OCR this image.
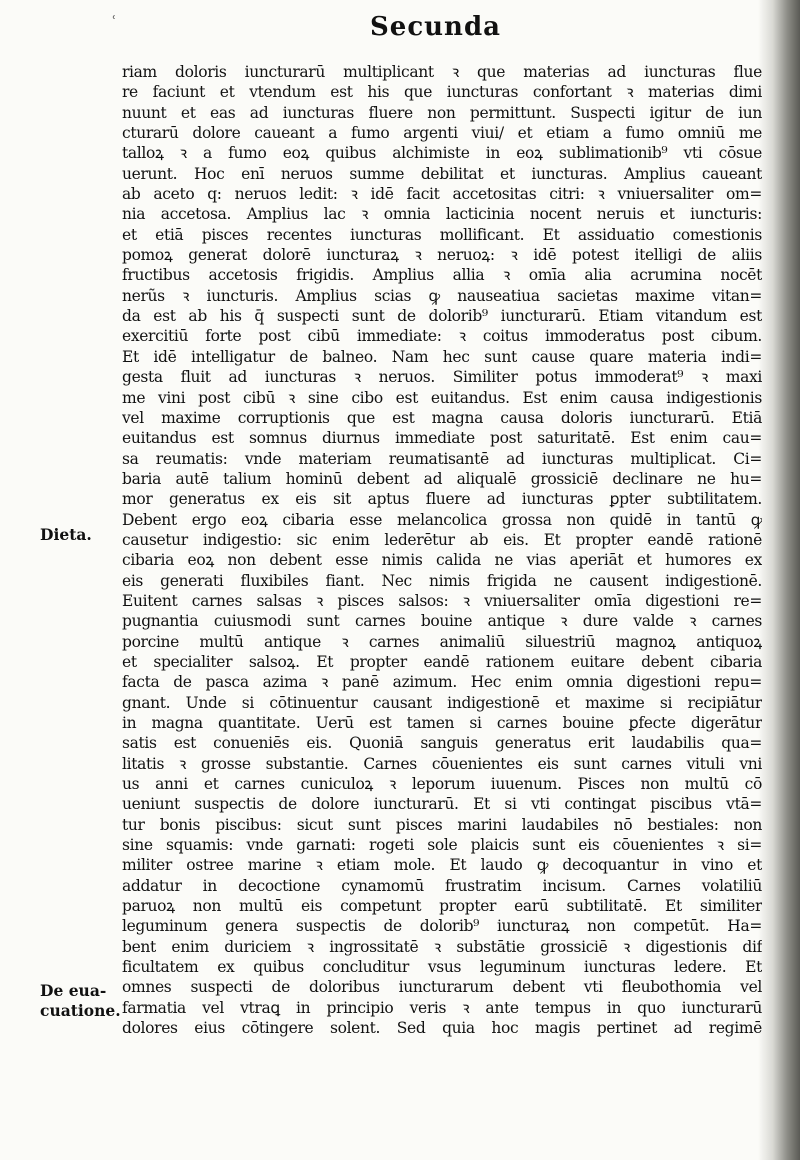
ʿ	Secunda
Dieta.
De eua-
cuatione.
riam doloris iuncturarū multiplicant ꝛ que materias ad iuncturas flue
re faciunt et vtendum est his que iuncturas confortant ꝛ materias dimi
nuunt et eas ad iuncturas fluere non permittunt. Suspecti igitur de iun
cturarū dolore caueant a fumo argenti viui/ et etiam a fumo omniū me
talloꝝ ꝛ a fumo eoꝝ quibus alchimiste in eoꝝ sublimationib⁹ vti cōsue
uerunt. Hoc enī neruos summe debilitat et iuncturas. Amplius caueant
ab aceto q: neruos ledit: ꝛ idē facit accetositas citri: ꝛ vniuersaliter om=
nia accetosa. Amplius lac ꝛ omnia lacticinia nocent neruis et iuncturis:
et etiā pisces recentes iuncturas mollificant. Et assiduatio comestionis
pomoꝝ generat dolorē iuncturaꝝ ꝛ neruoꝝ: ꝛ idē potest itelligi de aliis
fructibus accetosis frigidis. Amplius allia ꝛ omīa alia acrumina nocēt
nerũs ꝛ iuncturis. Amplius scias ꝙ nauseatiua sacietas maxime vitan=
da est ab his q̄ suspecti sunt de dolorib⁹ iuncturarū. Etiam vitandum est
exercitiū forte post cibū immediate: ꝛ coitus immoderatus post cibum.
Et idē intelligatur de balneo. Nam hec sunt cause quare materia indi=
gesta fluit ad iuncturas ꝛ neruos. Similiter potus immoderat⁹ ꝛ maxi
me vini post cibū ꝛ sine cibo est euitandus. Est enim causa indigestionis
vel maxime corruptionis que est magna causa doloris iuncturarū. Etiā
euitandus est somnus diurnus immediate post saturitatē. Est enim cau=
sa reumatis: vnde materiam reumatisantē ad iuncturas multiplicat. Ci=
baria autē talium hominū debent ad aliqualē grossiciē declinare ne hu=
mor generatus ex eis sit aptus fluere ad iuncturas ꝑpter subtilitatem.
Debent ergo eoꝝ cibaria esse melancolica grossa non quidē in tantū ꝙ
causetur indigestio: sic enim lederētur ab eis. Et propter eandē rationē
cibaria eoꝝ non debent esse nimis calida ne vias aperiāt et humores ex
eis generati fluxibiles fiant. Nec nimis frigida ne causent indigestionē.
Euitent carnes salsas ꝛ pisces salsos: ꝛ vniuersaliter omīa digestioni re=
pugnantia cuiusmodi sunt carnes bouine antique ꝛ dure valde ꝛ carnes
porcine multū antique ꝛ carnes animaliū siluestriū magnoꝝ antiquoꝝ
et specialiter salsoꝝ. Et propter eandē rationem euitare debent cibaria
facta de pasca azima ꝛ panē azimum. Hec enim omnia digestioni repu=
gnant. Unde si cōtinuentur causant indigestionē et maxime si recipiātur
in magna quantitate. Uerū est tamen si carnes bouine ꝑfecte digerātur
satis est conueniēs eis. Quoniā sanguis generatus erit laudabilis qua=
litatis ꝛ grosse substantie. Carnes cōuenientes eis sunt carnes vituli vni
us anni et carnes cuniculoꝝ ꝛ leporum iuuenum. Pisces non multū cō
ueniunt suspectis de dolore iuncturarū. Et si vti contingat piscibus vtā=
tur bonis piscibus: sicut sunt pisces marini laudabiles nō bestiales: non
sine squamis: vnde garnati: rogeti sole plaicis sunt eis cōuenientes ꝛ si=
militer ostree marine ꝛ etiam mole. Et laudo ꝙ decoquantur in vino et
addatur in decoctione cynamomū frustratim incisum. Carnes volatiliū
paruoꝝ non multū eis competunt propter earū subtilitatē. Et similiter
leguminum genera suspectis de dolorib⁹ iuncturaꝝ non competūt. Ha=
bent enim duriciem ꝛ ingrossitatē ꝛ substātie grossiciē ꝛ digestionis dif
ficultatem ex quibus concluditur vsus leguminum iuncturas ledere. Et
omnes suspecti de doloribus iuncturarum debent vti fleubothomia vel
farmatia vel vtraꝗ in principio veris ꝛ ante tempus in quo iuncturarū
dolores eius cōtingere solent. Sed quia hoc magis pertinet ad regimē
